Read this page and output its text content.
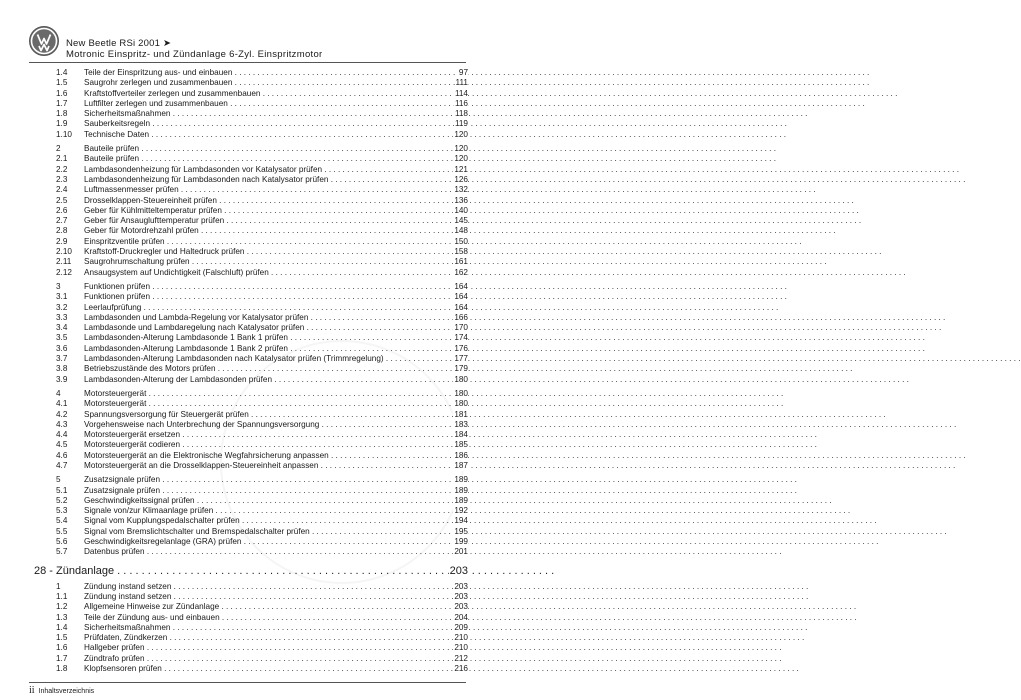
New Beetle RSi 2001 ➤
Motronic Einspritz- und Zündanlage 6-Zyl. Einspritzmotor
1.4 Teile der Einspritzung aus- und einbauen . . .	97
1.5 Saugrohr zerlegen und zusammenbauen . . .	111
1.6 Kraftstoffverteiler zerlegen und zusammenbauen . . .	114
1.7 Luftfilter zerlegen und zusammenbauen . . .	116
1.8 Sicherheitsmaßnahmen . . .	118
1.9 Sauberkeitsregeln . . .	119
1.10 Technische Daten . . .	120
2	Bauteile prüfen . . .	120
2.1 Bauteile prüfen . . .	120
2.2 Lambdasondenheizung für Lambdasonden vor Katalysator prüfen . . .	121
2.3 Lambdasondenheizung für Lambdasonden nach Katalysator prüfen . . .	126
2.4 Luftmassenmesser prüfen . . .	132
2.5 Drosselklappen-Steuereinheit prüfen . . .	136
2.6 Geber für Kühlmitteltemperatur prüfen . . .	140
2.7 Geber für Ansauglufttemperatur prüfen . . .	145
2.8 Geber für Motordrehzahl prüfen . . .	148
2.9 Einspritzventile prüfen . . .	150
2.10 Kraftstoff-Druckregler und Haltedruck prüfen . . .	158
2.11 Saugrohrumschaltung prüfen . . .	161
2.12 Ansaugsystem auf Undichtigkeit (Falschluft) prüfen . . .	162
3	Funktionen prüfen . . .	164
3.1 Funktionen prüfen . . .	164
3.2 Leerlaufprüfung . . .	164
3.3 Lambdasonden und Lambda-Regelung vor Katalysator prüfen . . .	166
3.4 Lambdasonde und Lambdaregelung nach Katalysator prüfen . . .	170
3.5 Lambdasonden-Alterung Lambdasonde 1 Bank 1 prüfen . . .	174
3.6 Lambdasonden-Alterung Lambdasonde 1 Bank 2 prüfen . . .	176
3.7 Lambdasonden-Alterung Lambdasonden nach Katalysator prüfen (Trimmregelung) . . .	177
3.8 Betriebszustände des Motors prüfen . . .	179
3.9 Lambdasonden-Alterung der Lambdasonden prüfen . . .	180
4	Motorsteuergerät . . .	180
4.1 Motorsteuergerät . . .	180
4.2 Spannungsversorgung für Steuergerät prüfen . . .	181
4.3 Vorgehensweise nach Unterbrechung der Spannungsversorgung . . .	183
4.4 Motorsteuergerät ersetzen . . .	184
4.5 Motorsteuergerät codieren . . .	185
4.6 Motorsteuergerät an die Elektronische Wegfahrsicherung anpassen . . .	186
4.7 Motorsteuergerät an die Drosselklappen-Steuereinheit anpassen . . .	187
5	Zusatzsignale prüfen . . .	189
5.1 Zusatzsignale prüfen . . .	189
5.2 Geschwindigkeitssignal prüfen . . .	189
5.3 Signale von/zur Klimaanlage prüfen . . .	192
5.4 Signal vom Kupplungspedalschalter prüfen . . .	194
5.5 Signal vom Bremslichtschalter und Bremspedalschalter prüfen . . .	195
5.6 Geschwindigkeitsregelanlage (GRA) prüfen . . .	199
5.7 Datenbus prüfen . . .	201
28 - Zündanlage . . .	203
1	Zündung instand setzen . . .	203
1.1 Zündung instand setzen . . .	203
1.2 Allgemeine Hinweise zur Zündanlage . . .	203
1.3 Teile der Zündung aus- und einbauen . . .	204
1.4 Sicherheitsmaßnahmen . . .	209
1.5 Prüfdaten, Zündkerzen . . .	210
1.6 Hallgeber prüfen . . .	210
1.7 Zündtrafo prüfen . . .	212
1.8 Klopfsensoren prüfen . . .	216
ii Inhaltsverzeichnis
